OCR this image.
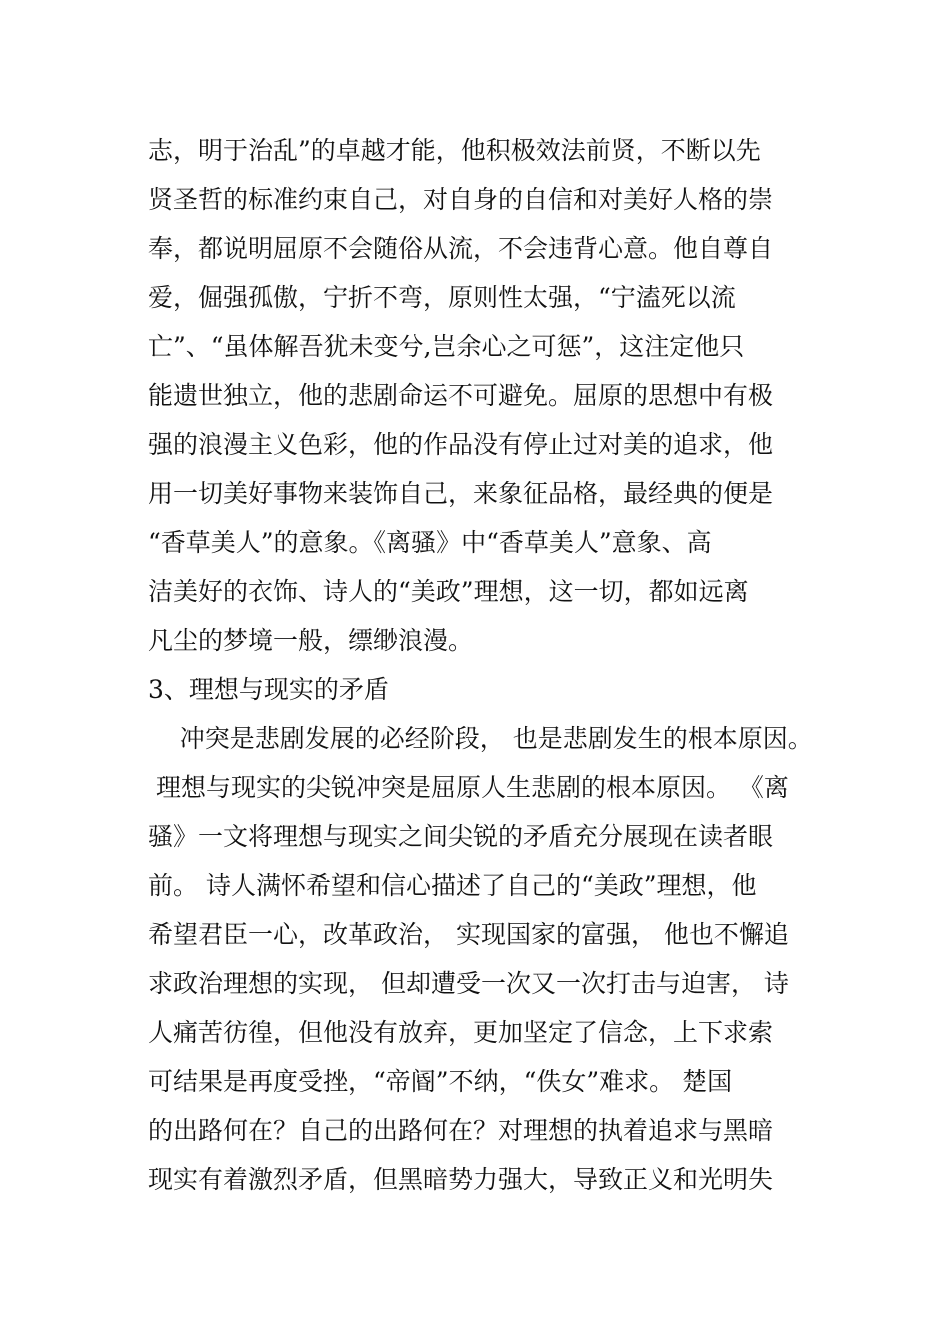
志，明于治乱”的卓越才能，他积极效法前贤，不断以先
贤圣哲的标准约束自己，对自身的自信和对美好人格的崇
奉，都说明屈原不会随俗从流，不会违背心意。他自尊自
爱，倔强孤傲，宁折不弯，原则性太强，“宁溘死以流
亡”、“虽体解吾犹未变兮,岂余心之可惩”，这注定他只
能遗世独立，他的悲剧命运不可避免。屈原的思想中有极
强的浪漫主义色彩，他的作品没有停止过对美的追求，他
用一切美好事物来装饰自己，来象征品格，最经典的便是
“香草美人”的意象。《离骚》中“香草美人”意象、高
洁美好的衣饰、诗人的“美政”理想，这一切，都如远离
凡尘的梦境一般，缥缈浪漫。
3、理想与现实的矛盾
冲突是悲剧发展的必经阶段， 也是悲剧发生的根本原因。
理想与现实的尖锐冲突是屈原人生悲剧的根本原因。 《离
骚》一文将理想与现实之间尖锐的矛盾充分展现在读者眼
前。 诗人满怀希望和信心描述了自己的“美政”理想，他
希望君臣一心，改革政治， 实现国家的富强， 他也不懈追
求政治理想的实现， 但却遭受一次又一次打击与迫害， 诗
人痛苦彷徨，但他没有放弃，更加坚定了信念，上下求索
可结果是再度受挫，“帝阍”不纳，“佚女”难求。 楚国
的出路何在？自己的出路何在？对理想的执着追求与黑暗
现实有着激烈矛盾，但黑暗势力强大，导致正义和光明失
